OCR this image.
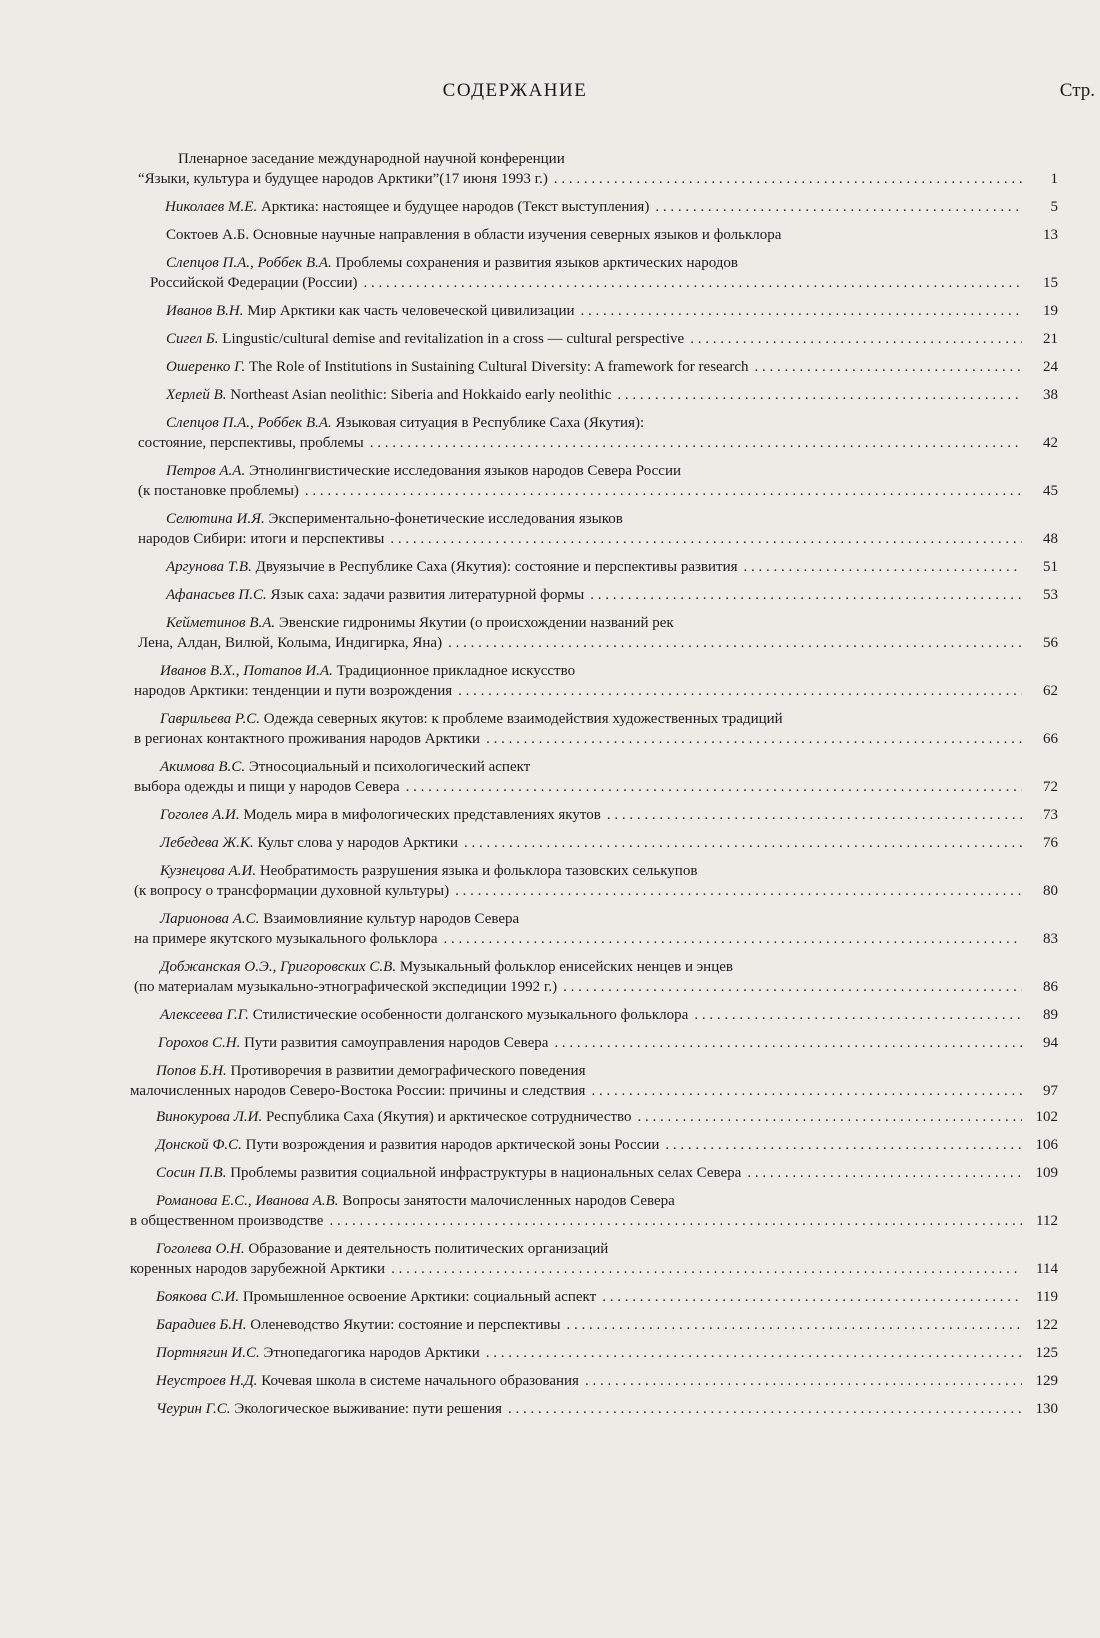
СОДЕРЖАНИЕ	Стр.
Пленарное заседание международной научной конференции
“Языки, культура и будущее народов Арктики”(17 июня 1993 г.) . . .	1
Николаев М.Е. Арктика: настоящее и будущее народов (Текст выступления) . . .	5
Соктоев А.Б. Основные научные направления в области изучения северных языков и фольклора	13
Слепцов П.А., Роббек В.А. Проблемы сохранения и развития языков арктических народов
Российской Федерации (России) . . .	15
Иванов В.Н. Мир Арктики как часть человеческой цивилизации . . .	19
Сигел Б. Lingustic/cultural demise and revitalization in a cross — cultural perspective . . .	21
Ошеренко Г. The Role of Institutions in Sustaining Cultural Diversity: A framework for research . . .	24
Херлей В. Northeast Asian neolithic: Siberia and Hokkaido early neolithic . . .	38
Слепцов П.А., Роббек В.А. Языковая ситуация в Республике Саха (Якутия):
состояние, перспективы, проблемы . . .	42
Петров А.А. Этнолингвистические исследования языков народов Севера России
(к постановке проблемы) . . .	45
Селютина И.Я. Экспериментально-фонетические исследования языков
народов Сибири: итоги и перспективы . . .	48
Аргунова Т.В. Двуязычие в Республике Саха (Якутия): состояние и перспективы развития . . .	51
Афанасьев П.С. Язык саха: задачи развития литературной формы . . .	53
Кейметинов В.А. Эвенские гидронимы Якутии (о происхождении названий рек
Лена, Алдан, Вилюй, Колыма, Индигирка, Яна) . . .	56
Иванов В.Х., Потапов И.А. Традиционное прикладное искусство
народов Арктики: тенденции и пути возрождения . . .	62
Гаврильева Р.С. Одежда северных якутов: к проблеме взаимодействия художественных традиций
в регионах контактного проживания народов Арктики . . .	66
Акимова В.С. Этносоциальный и психологический аспект
выбора одежды и пищи у народов Севера . . .	72
Гоголев А.И. Модель мира в мифологических представлениях якутов . . .	73
Лебедева Ж.К. Культ слова у народов Арктики . . .	76
Кузнецова А.И. Необратимость разрушения языка и фольклора тазовских селькупов
(к вопросу о трансформации духовной культуры) . . .	80
Ларионова А.С. Взаимовлияние культур народов Севера
на примере якутского музыкального фольклора . . .	83
Добжанская О.Э., Григоровских С.В. Музыкальный фольклор енисейских ненцев и энцев
(по материалам музыкально-этнографической экспедиции 1992 г.) . . .	86
Алексеева Г.Г. Стилистические особенности долганского музыкального фольклора . . .	89
Горохов С.Н. Пути развития самоуправления народов Севера . . .	94
Попов Б.Н. Противоречия в развитии демографического поведения
малочисленных народов Северо-Востока России: причины и следствия . . .	97
Винокурова Л.И. Республика Саха (Якутия) и арктическое сотрудничество . . .	102
Донской Ф.С. Пути возрождения и развития народов арктической зоны России . . .	106
Сосин П.В. Проблемы развития социальной инфраструктуры в национальных селах Севера . . .	109
Романова Е.С., Иванова А.В. Вопросы занятости малочисленных народов Севера
в общественном производстве . . .	112
Гоголева О.Н. Образование и деятельность политических организаций
коренных народов зарубежной Арктики . . .	114
Боякова С.И. Промышленное освоение Арктики: социальный аспект . . .	119
Барадиев Б.Н. Оленеводство Якутии: состояние и перспективы . . .	122
Портнягин И.С. Этнопедагогика народов Арктики . . .	125
Неустроев Н.Д. Кочевая школа в системе начального образования . . .	129
Чеурин Г.С. Экологическое выживание: пути решения . . .	130
